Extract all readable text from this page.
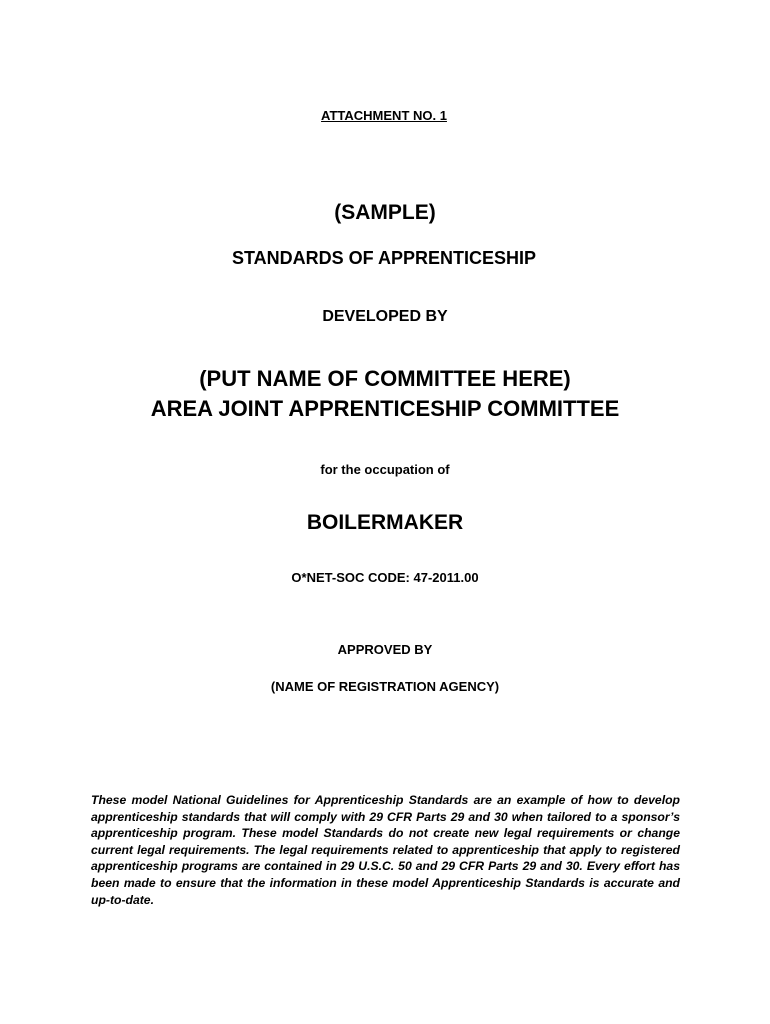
ATTACHMENT NO. 1

(SAMPLE)

STANDARDS OF APPRENTICESHIP

DEVELOPED BY

(PUT NAME OF COMMITTEE HERE)

AREA JOINT APPRENTICESHIP COMMITTEE

for the occupation of

BOILERMAKER

O*NET-SOC CODE: 47-2011.00

APPROVED BY

(NAME OF REGISTRATION AGENCY)

These model National Guidelines for Apprenticeship Standards are an example of how to develop apprenticeship standards that will comply with 29 CFR Parts 29 and 30 when tailored to a sponsor’s apprenticeship program. These model Standards do not create new legal requirements or change current legal requirements. The legal requirements related to apprenticeship that apply to registered apprenticeship programs are contained in 29 U.S.C. 50 and 29 CFR Parts 29 and 30. Every effort has been made to ensure that the information in these model Apprenticeship Standards is accurate and up-to-date.
